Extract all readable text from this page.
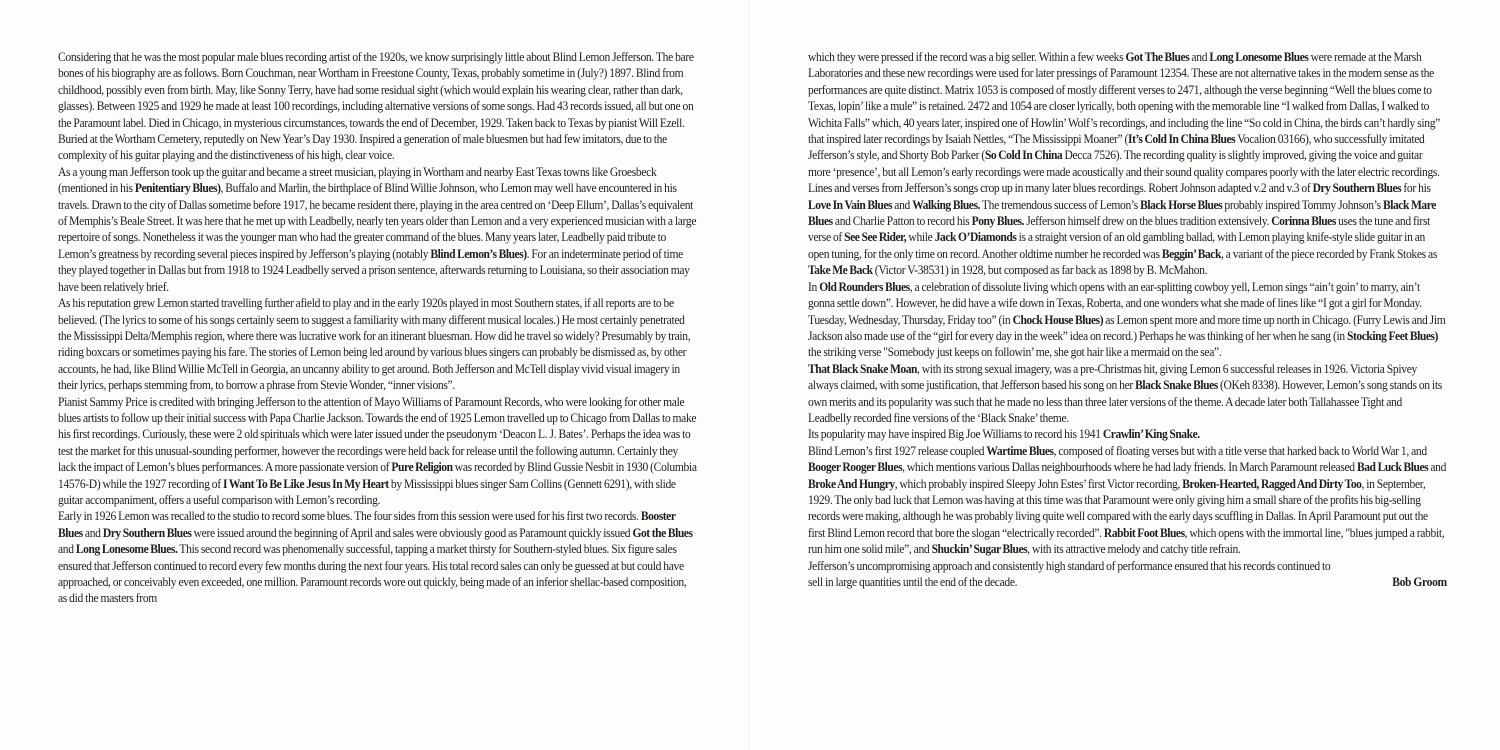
Considering that he was the most popular male blues recording artist of the 1920s, we know surprisingly little about Blind Lemon Jefferson. The bare bones of his biography are as follows. Born Couchman, near Wortham in Freestone County, Texas, probably sometime in (July?) 1897. Blind from childhood, possibly even from birth. May, like Sonny Terry, have had some residual sight (which would explain his wearing clear, rather than dark, glasses). Between 1925 and 1929 he made at least 100 recordings, including alternative versions of some songs. Had 43 records issued, all but one on the Paramount label. Died in Chicago, in mysterious circumstances, towards the end of December, 1929. Taken back to Texas by pianist Will Ezell. Buried at the Wortham Cemetery, reputedly on New Year’s Day 1930. Inspired a generation of male bluesmen but had few imitators, due to the complexity of his guitar playing and the distinctiveness of his high, clear voice.

As a young man Jefferson took up the guitar and became a street musician, playing in Wortham and nearby East Texas towns like Groesbeck (mentioned in his Penitentiary Blues), Buffalo and Marlin, the birthplace of Blind Willie Johnson, who Lemon may well have encountered in his travels. Drawn to the city of Dallas sometime before 1917, he became resident there, playing in the area centred on ‘Deep Ellum’, Dallas’s equivalent of Memphis’s Beale Street. It was here that he met up with Leadbelly, nearly ten years older than Lemon and a very experienced musician with a large repertoire of songs. Nonetheless it was the younger man who had the greater command of the blues. Many years later, Leadbelly paid tribute to Lemon’s greatness by recording several pieces inspired by Jefferson’s playing (notably Blind Lemon’s Blues). For an indeterminate period of time they played together in Dallas but from 1918 to 1924 Leadbelly served a prison sentence, afterwards returning to Louisiana, so their association may have been relatively brief.

As his reputation grew Lemon started travelling further afield to play and in the early 1920s played in most Southern states, if all reports are to be believed. (The lyrics to some of his songs certainly seem to suggest a familiarity with many different musical locales.) He most certainly penetrated the Mississippi Delta/Memphis region, where there was lucrative work for an itinerant bluesman. How did he travel so widely? Presumably by train, riding boxcars or sometimes paying his fare. The stories of Lemon being led around by various blues singers can probably be dismissed as, by other accounts, he had, like Blind Willie McTell in Georgia, an uncanny ability to get around. Both Jefferson and McTell display vivid visual imagery in their lyrics, perhaps stemming from, to borrow a phrase from Stevie Wonder, “inner visions”.

Pianist Sammy Price is credited with bringing Jefferson to the attention of Mayo Williams of Paramount Records, who were looking for other male blues artists to follow up their initial success with Papa Charlie Jackson. Towards the end of 1925 Lemon travelled up to Chicago from Dallas to make his first recordings. Curiously, these were 2 old spirituals which were later issued under the pseudonym ‘Deacon L. J. Bates’. Perhaps the idea was to test the market for this unusual-sounding performer, however the recordings were held back for release until the following autumn. Certainly they lack the impact of Lemon’s blues performances. A more passionate version of Pure Religion was recorded by Blind Gussie Nesbit in 1930 (Columbia 14576-D) while the 1927 recording of I Want To Be Like Jesus In My Heart by Mississippi blues singer Sam Collins (Gennett 6291), with slide guitar accompaniment, offers a useful comparison with Lemon’s recording.

Early in 1926 Lemon was recalled to the studio to record some blues. The four sides from this session were used for his first two records. Booster Blues and Dry Southern Blues were issued around the beginning of April and sales were obviously good as Paramount quickly issued Got the Blues and Long Lonesome Blues. This second record was phenomenally successful, tapping a market thirsty for Southern-styled blues. Six figure sales ensured that Jefferson continued to record every few months during the next four years. His total record sales can only be guessed at but could have approached, or conceivably even exceeded, one million. Paramount records wore out quickly, being made of an inferior shellac-based composition, as did the masters from

which they were pressed if the record was a big seller. Within a few weeks Got The Blues and Long Lonesome Blues were remade at the Marsh Laboratories and these new recordings were used for later pressings of Paramount 12354. These are not alternative takes in the modern sense as the performances are quite distinct. Matrix 1053 is composed of mostly different verses to 2471, although the verse beginning “Well the blues come to Texas, lopin’ like a mule” is retained. 2472 and 1054 are closer lyrically, both opening with the memorable line “I walked from Dallas, I walked to Wichita Falls” which, 40 years later, inspired one of Howlin’ Wolf’s recordings, and including the line “So cold in China, the birds can’t hardly sing” that inspired later recordings by Isaiah Nettles, “The Mississippi Moaner” (It’s Cold In China Blues Vocalion 03166), who successfully imitated Jefferson’s style, and Shorty Bob Parker (So Cold In China Decca 7526). The recording quality is slightly improved, giving the voice and guitar more ‘presence’, but all Lemon’s early recordings were made acoustically and their sound quality compares poorly with the later electric recordings.

Lines and verses from Jefferson’s songs crop up in many later blues recordings. Robert Johnson adapted v.2 and v.3 of Dry Southern Blues for his Love In Vain Blues and Walking Blues. The tremendous success of Lemon’s Black Horse Blues probably inspired Tommy Johnson’s Black Mare Blues and Charlie Patton to record his Pony Blues. Jefferson himself drew on the blues tradition extensively. Corinna Blues uses the tune and first verse of See See Rider, while Jack O’Diamonds is a straight version of an old gambling ballad, with Lemon playing knife-style slide guitar in an open tuning, for the only time on record. Another oldtime number he recorded was Beggin’ Back, a variant of the piece recorded by Frank Stokes as Take Me Back (Victor V-38531) in 1928, but composed as far back as 1898 by B. McMahon.

In Old Rounders Blues, a celebration of dissolute living which opens with an ear-splitting cowboy yell, Lemon sings “ain’t goin’ to marry, ain’t gonna settle down”. However, he did have a wife down in Texas, Roberta, and one wonders what she made of lines like “I got a girl for Monday. Tuesday, Wednesday, Thursday, Friday too” (in Chock House Blues) as Lemon spent more and more time up north in Chicago. (Furry Lewis and Jim Jackson also made use of the “girl for every day in the week” idea on record.) Perhaps he was thinking of her when he sang (in Stocking Feet Blues) the striking verse "Somebody just keeps on followin’ me, she got hair like a mermaid on the sea”.

That Black Snake Moan, with its strong sexual imagery, was a pre-Christmas hit, giving Lemon 6 successful releases in 1926. Victoria Spivey always claimed, with some justification, that Jefferson based his song on her Black Snake Blues (OKeh 8338). However, Lemon’s song stands on its own merits and its popularity was such that he made no less than three later versions of the theme. A decade later both Tallahassee Tight and Leadbelly recorded fine versions of the ‘Black Snake’ theme.

Its popularity may have inspired Big Joe Williams to record his 1941 Crawlin’ King Snake.

Blind Lemon’s first 1927 release coupled Wartime Blues, composed of floating verses but with a title verse that harked back to World War 1, and Booger Rooger Blues, which mentions various Dallas neighbourhoods where he had lady friends. In March Paramount released Bad Luck Blues and Broke And Hungry, which probably inspired Sleepy John Estes’ first Victor recording, Broken-Hearted, Ragged And Dirty Too, in September, 1929. The only bad luck that Lemon was having at this time was that Paramount were only giving him a small share of the profits his big-selling records were making, although he was probably living quite well compared with the early days scuffling in Dallas. In April Paramount put out the first Blind Lemon record that bore the slogan “electrically recorded”. Rabbit Foot Blues, which opens with the immortal line, "blues jumped a rabbit, run him one solid mile”, and Shuckin’ Sugar Blues, with its attractive melody and catchy title refrain.

Jefferson’s uncompromising approach and consistently high standard of performance ensured that his records continued to

sell in large quantities until the end of the decade.	Bob Groom
